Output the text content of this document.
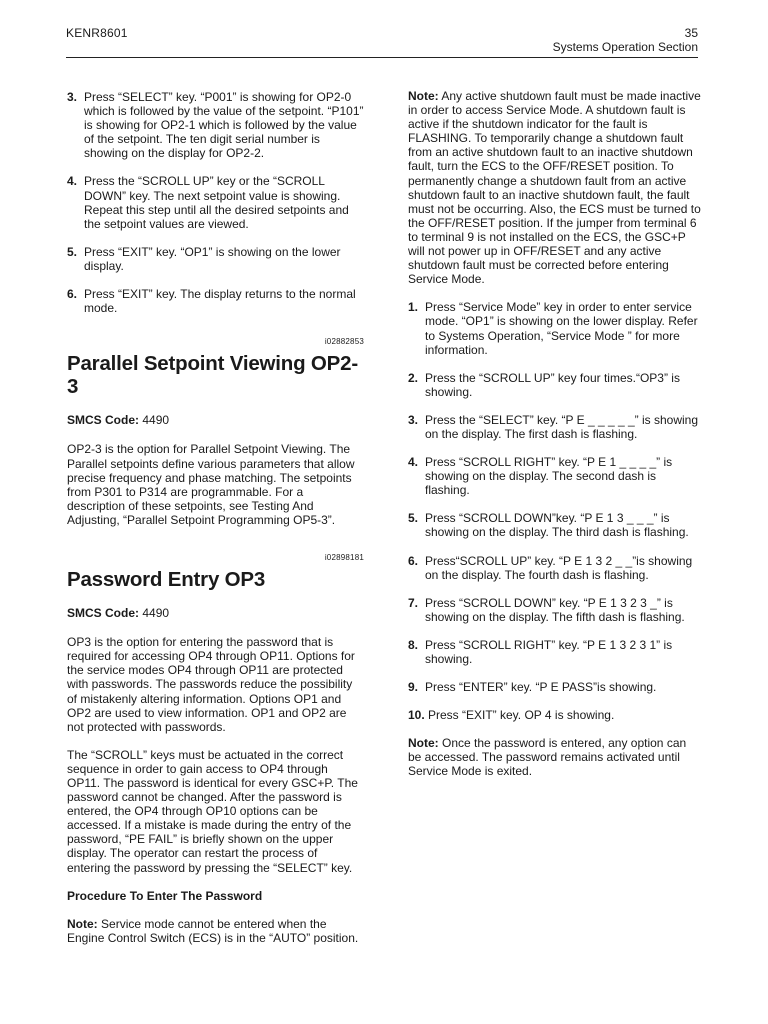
KENR8601	35
Systems Operation Section
3. Press “SELECT” key. “P001” is showing for OP2-0 which is followed by the value of the setpoint. “P101” is showing for OP2-1 which is followed by the value of the setpoint. The ten digit serial number is showing on the display for OP2-2.
4. Press the “SCROLL UP” key or the “SCROLL DOWN” key. The next setpoint value is showing. Repeat this step until all the desired setpoints and the setpoint values are viewed.
5. Press “EXIT” key. “OP1” is showing on the lower display.
6. Press “EXIT” key. The display returns to the normal mode.
i02882853
Parallel Setpoint Viewing OP2-3

SMCS Code: 4490

OP2-3 is the option for Parallel Setpoint Viewing. The Parallel setpoints define various parameters that allow precise frequency and phase matching. The setpoints from P301 to P314 are programmable. For a description of these setpoints, see Testing And Adjusting, “Parallel Setpoint Programming OP5-3”.

i02898181
Password Entry OP3

SMCS Code: 4490

OP3 is the option for entering the password that is required for accessing OP4 through OP11. Options for the service modes OP4 through OP11 are protected with passwords. The passwords reduce the possibility of mistakenly altering information. Options OP1 and OP2 are used to view information. OP1 and OP2 are not protected with passwords.

The “SCROLL” keys must be actuated in the correct sequence in order to gain access to OP4 through OP11. The password is identical for every GSC+P. The password cannot be changed. After the password is entered, the OP4 through OP10 options can be accessed. If a mistake is made during the entry of the password, “PE FAIL” is briefly shown on the upper display. The operator can restart the process of entering the password by pressing the “SELECT” key.

Procedure To Enter The Password

Note: Service mode cannot be entered when the Engine Control Switch (ECS) is in the “AUTO” position.

Note: Any active shutdown fault must be made inactive in order to access Service Mode. A shutdown fault is active if the shutdown indicator for the fault is FLASHING. To temporarily change a shutdown fault from an active shutdown fault to an inactive shutdown fault, turn the ECS to the OFF/RESET position. To permanently change a shutdown fault from an active shutdown fault to an inactive shutdown fault, the fault must not be occurring. Also, the ECS must be turned to the OFF/RESET position. If the jumper from terminal 6 to terminal 9 is not installed on the ECS, the GSC+P will not power up in OFF/RESET and any active shutdown fault must be corrected before entering Service Mode.

1. Press “Service Mode” key in order to enter service mode. “OP1” is showing on the lower display. Refer to Systems Operation, “Service Mode ” for more information.
2. Press the “SCROLL UP” key four times.“OP3” is showing.
3. Press the “SELECT” key. “P E _ _ _ _ _” is showing on the display. The first dash is flashing.
4. Press “SCROLL RIGHT” key. “P E 1 _ _ _ _” is showing on the display. The second dash is flashing.
5. Press “SCROLL DOWN”key. “P E 1 3 _ _ _” is showing on the display. The third dash is flashing.
6. Press“SCROLL UP” key. “P E 1 3 2 _ _”is showing on the display. The fourth dash is flashing.
7. Press “SCROLL DOWN” key. “P E 1 3 2 3 _” is showing on the display. The fifth dash is flashing.
8. Press “SCROLL RIGHT” key. “P E 1 3 2 3 1” is showing.
9. Press “ENTER” key. “P E PASS”is showing.
10. Press “EXIT” key. OP 4 is showing.

Note: Once the password is entered, any option can be accessed. The password remains activated until Service Mode is exited.
